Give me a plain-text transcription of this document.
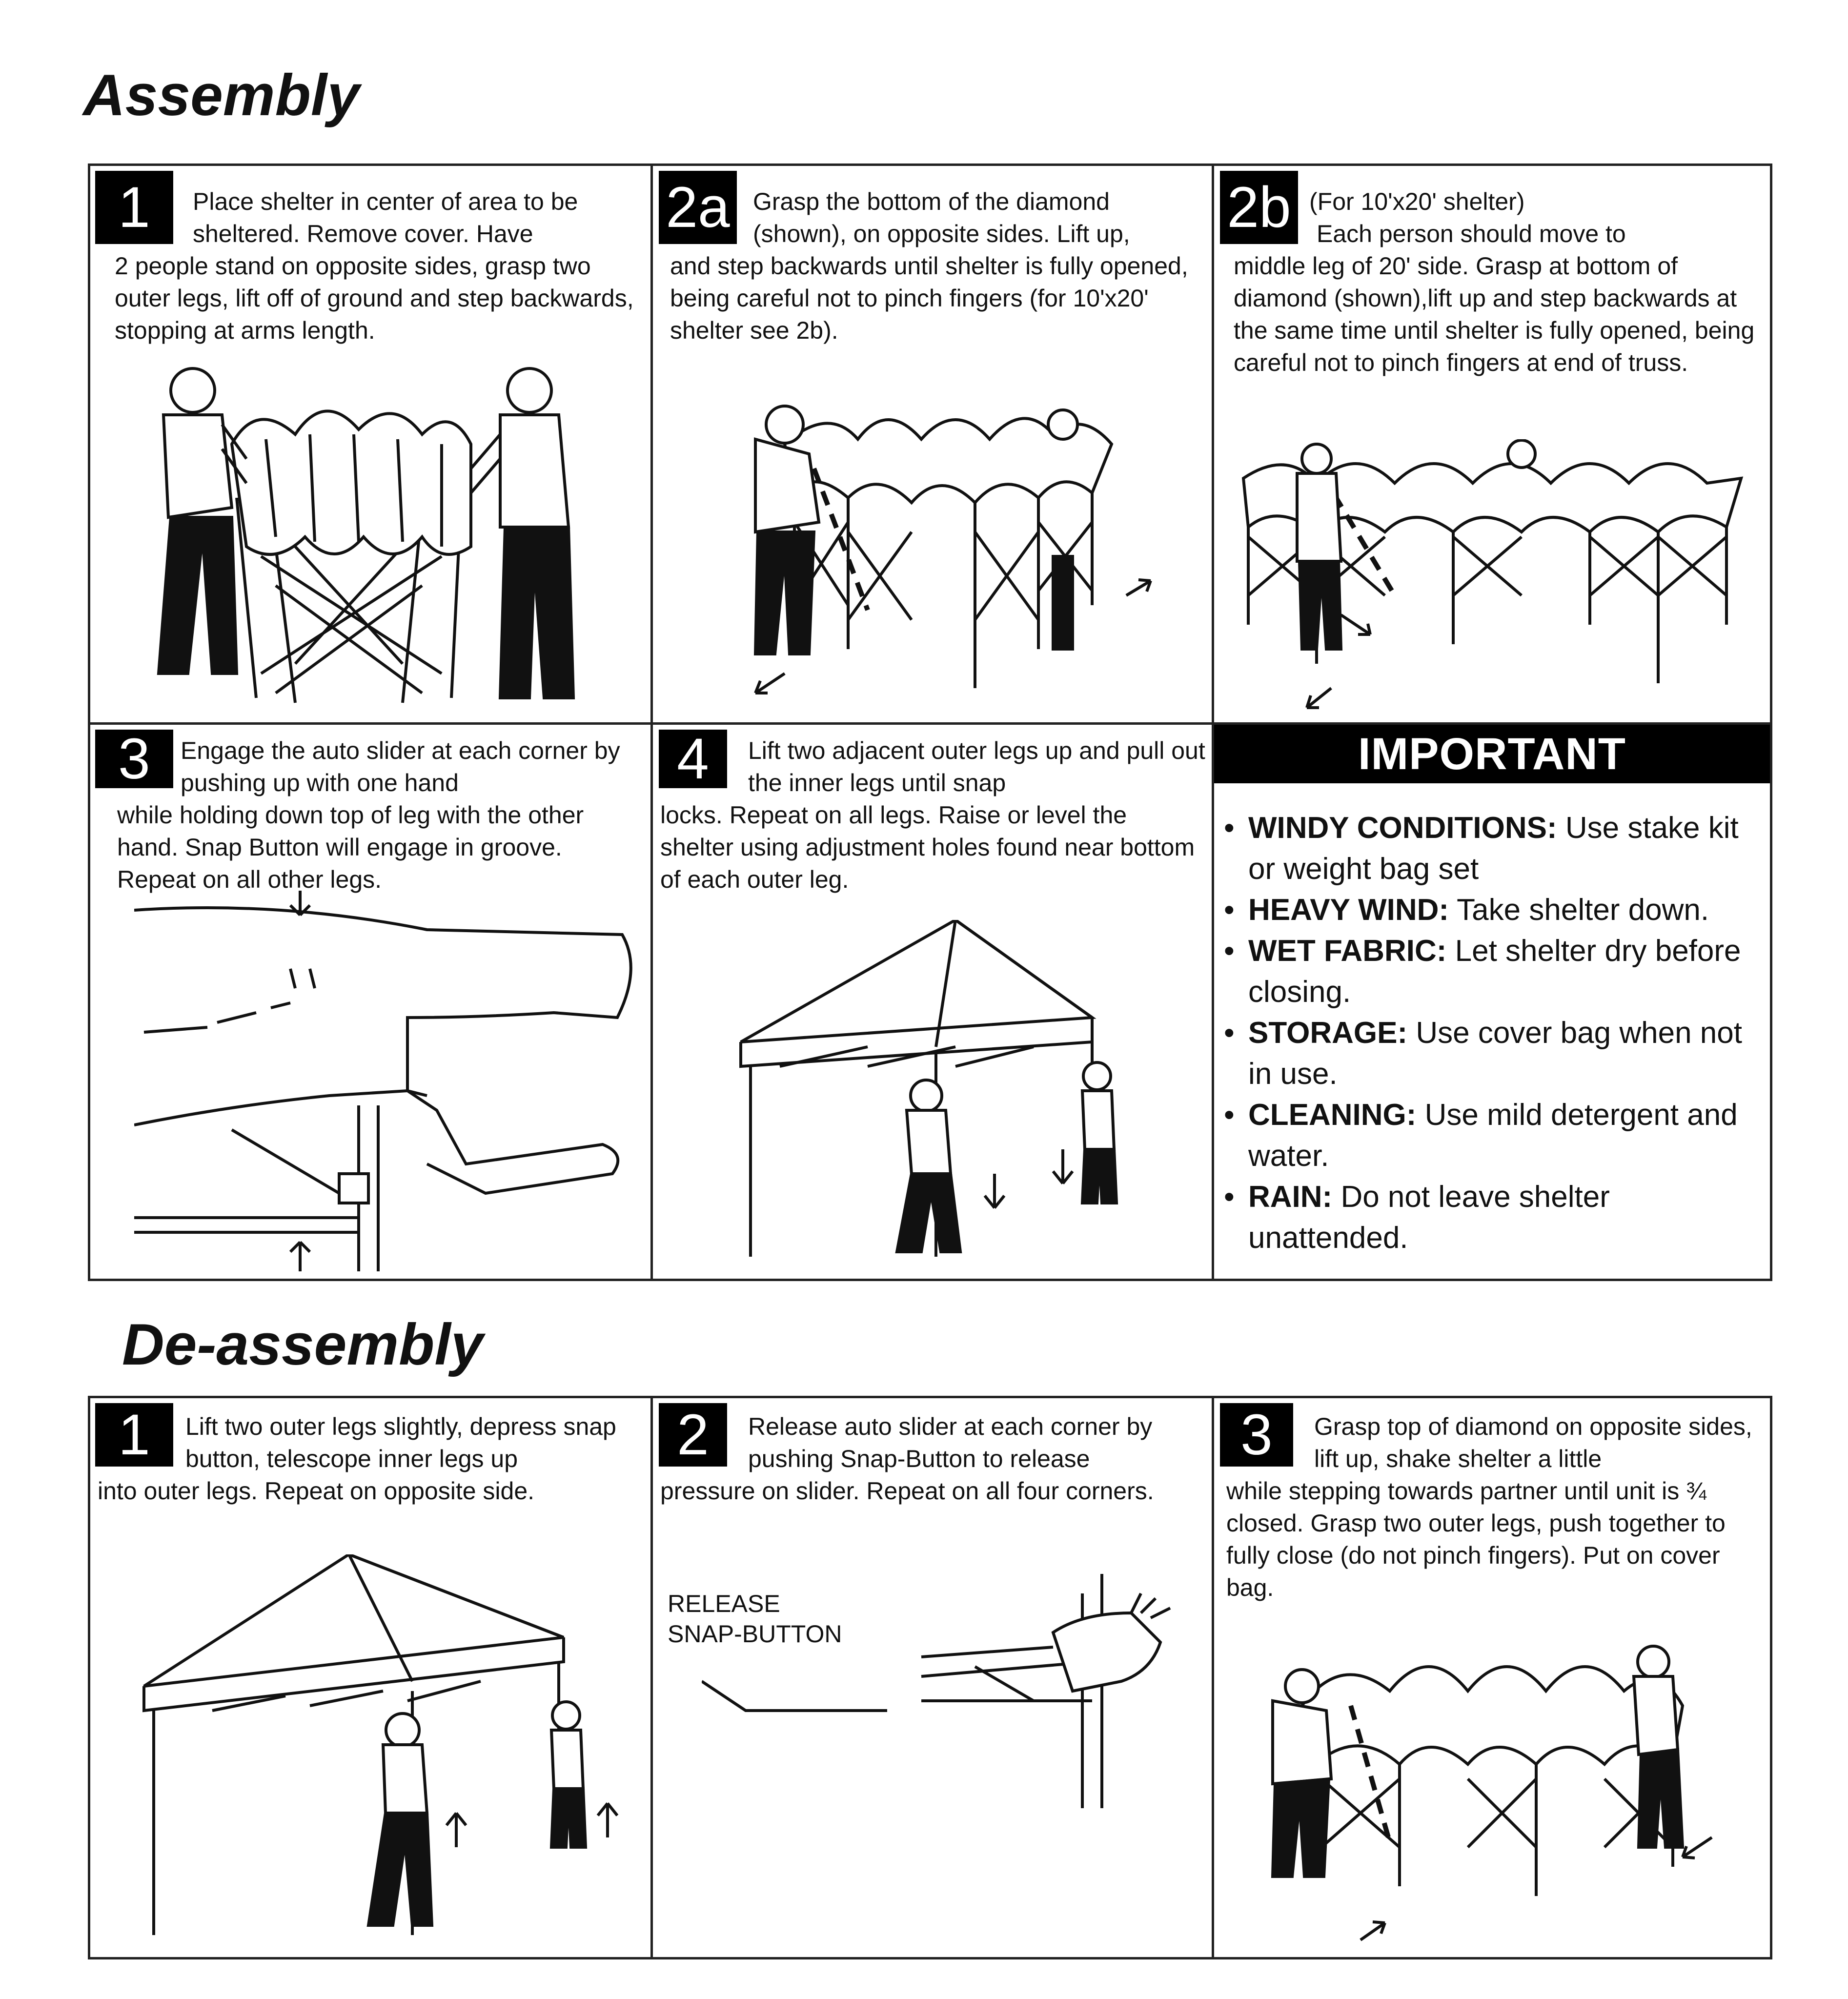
Assembly
De-assembly
1	Place shelter in center of area to be sheltered. Remove cover. Have
2 people stand on opposite sides, grasp two outer legs, lift off of ground and step backwards, stopping at arms length.

2a Grasp the bottom of the diamond (shown), on opposite sides. Lift up,
and step backwards until shelter is fully opened, being careful not to pinch fingers (for 10'x20' shelter see 2b).

2b (For 10'x20' shelter)
Each person should move to
middle leg of 20' side. Grasp at bottom of diamond (shown),lift up and step backwards at the same time until shelter is fully opened, being careful not to pinch fingers at end of truss.

3	Engage the auto slider at each corner by pushing up with one hand
while holding down top of leg with the other hand. Snap Button will engage in groove. Repeat on all other legs.

4	Lift two adjacent outer legs up and pull out the inner legs until snap
locks. Repeat on all legs. Raise or level the shelter using adjustment holes found near bottom of each outer leg.

IMPORTANT
• WINDY CONDITIONS: Use stake kit or weight bag set
• HEAVY WIND: Take shelter down.
• WET FABRIC: Let shelter dry before closing.
• STORAGE: Use cover bag when not in use.
• CLEANING: Use mild detergent and water.
• RAIN: Do not leave shelter unattended.
1	Lift two outer legs slightly, depress snap button, telescope inner legs up
into outer legs. Repeat on opposite side.

2	Release auto slider at each corner by pushing Snap-Button to release
pressure on slider. Repeat on all four corners.

RELEASE
SNAP-BUTTON
3	Grasp top of diamond on opposite sides, lift up, shake shelter a little
while stepping towards partner until unit is ¾ closed. Grasp two outer legs, push together to fully close (do not pinch fingers). Put on cover bag.
